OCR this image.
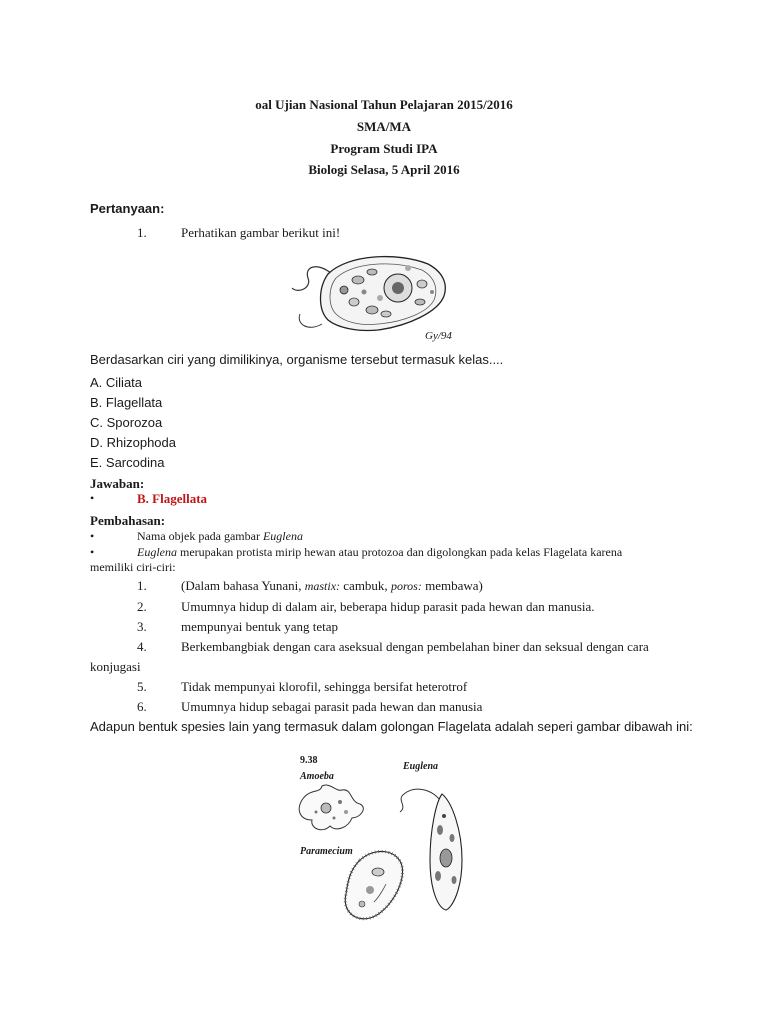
oal Ujian Nasional Tahun Pelajaran 2015/2016
SMA/MA
Program Studi IPA
Biologi Selasa, 5 April 2016
Pertanyaan:
1.	Perhatikan gambar berikut ini!
Gy/94
Berdasarkan ciri yang dimilikinya, organisme tersebut termasuk kelas....
A. Ciliata
B. Flagellata
C. Sporozoa
D. Rhizophoda
E. Sarcodina
Jawaban:
•	B. Flagellata
Pembahasan:
•	Nama objek pada gambar Euglena
•	Euglena merupakan protista mirip hewan atau protozoa dan digolongkan pada kelas Flagelata karena
memiliki ciri-ciri:
1.	(Dalam bahasa Yunani, mastix: cambuk, poros: membawa)
2.	Umumnya hidup di dalam air, beberapa hidup parasit pada hewan dan manusia.
3.	mempunyai bentuk yang tetap
4.	Berkembangbiak dengan cara aseksual dengan pembelahan biner dan seksual dengan cara
konjugasi
5.	Tidak mempunyai klorofil, sehingga bersifat heterotrof
6.	Umumnya hidup sebagai parasit pada hewan dan manusia
Adapun bentuk spesies lain yang termasuk dalam golongan Flagelata adalah seperi gambar dibawah ini:
9.38
Amoeba
Euglena
Paramecium
